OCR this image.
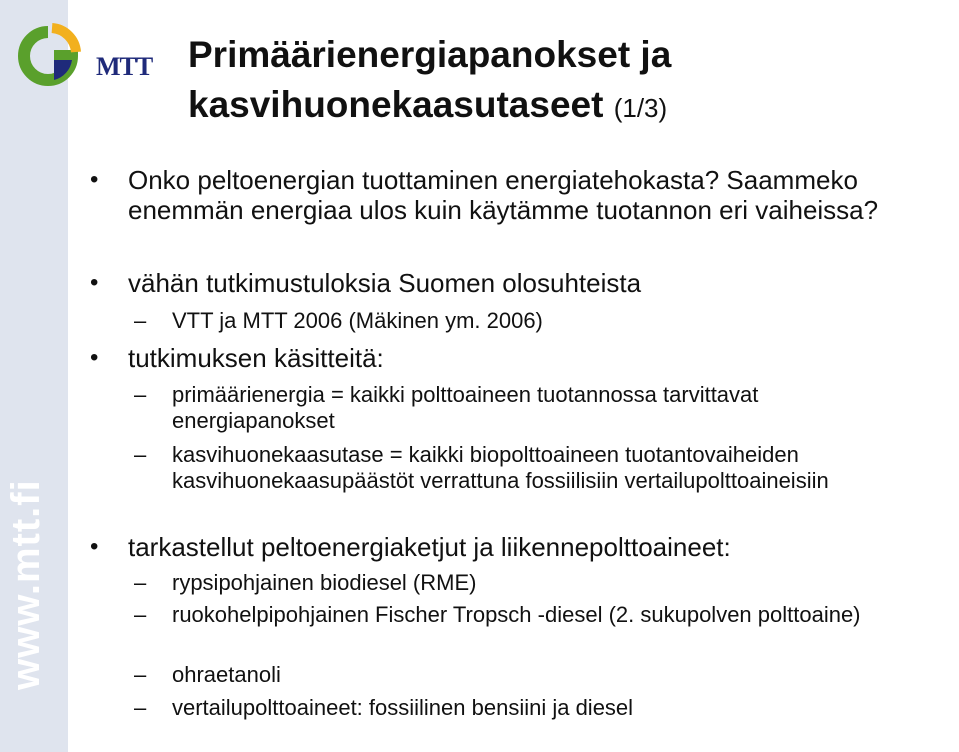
www.mtt.fi
MTT Primäärienergiapanokset ja
kasvihuonekaasutaseet (1/3)
• Onko peltoenergian tuottaminen energiatehokasta? Saammeko enemmän energiaa ulos kuin käytämme tuotannon eri vaiheissa?
• vähän tutkimustuloksia Suomen olosuhteista
– VTT ja MTT 2006 (Mäkinen ym. 2006)
• tutkimuksen käsitteitä:
– primäärienergia = kaikki polttoaineen tuotannossa tarvittavat energiapanokset
– kasvihuonekaasutase = kaikki biopolttoaineen tuotantovaiheiden kasvihuonekaasupäästöt verrattuna fossiilisiin vertailupolttoaineisiin
• tarkastellut peltoenergiaketjut ja liikennepolttoaineet:
– rypsipohjainen biodiesel (RME)
– ruokohelpipohjainen Fischer Tropsch -diesel (2. sukupolven polttoaine)
– ohraetanoli
– vertailupolttoaineet: fossiilinen bensiini ja diesel
